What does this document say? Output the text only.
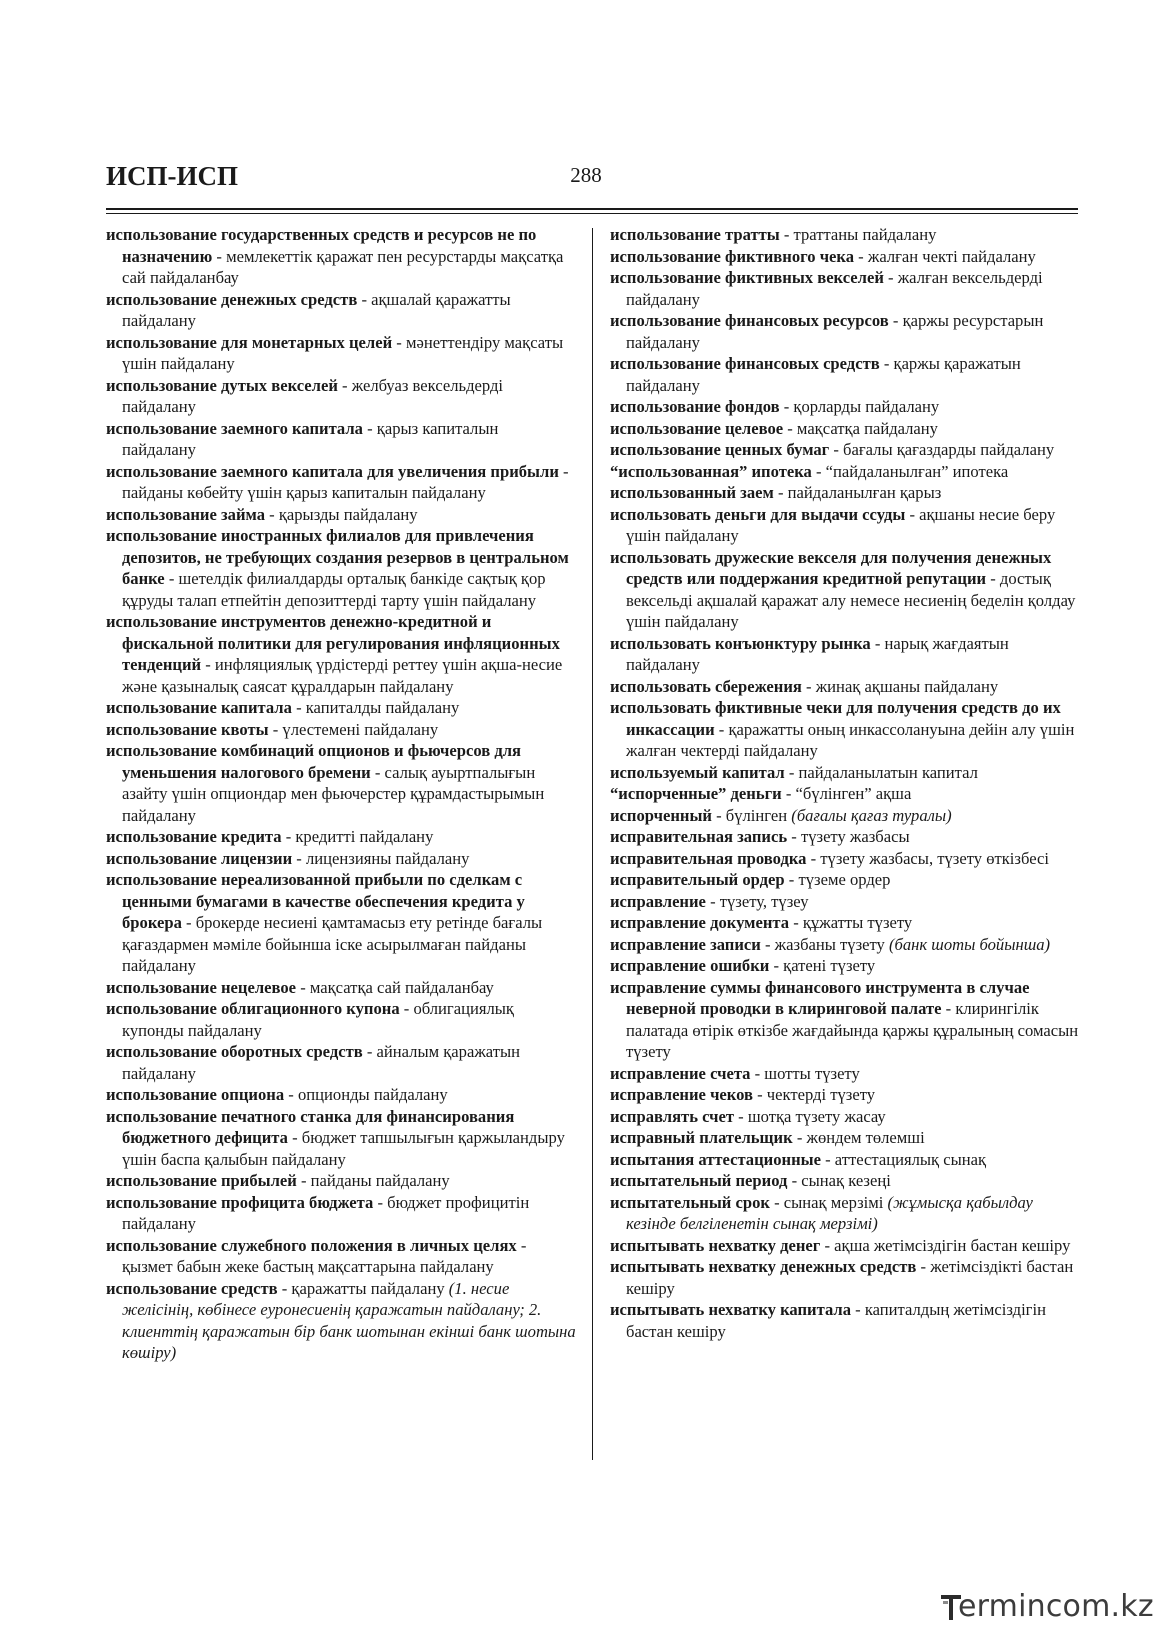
ИСП-ИСП	288

использование государственных средств и ресурсов не по назначению - мемлекеттік қаражат пен ресурстарды мақсатқа сай пайдаланбау

использование денежных средств - ақшалай қаражатты пайдалану

использование для монетарных целей - мәнеттендіру мақсаты үшін пайдалану

использование дутых векселей - желбуаз вексельдерді пайдалану

использование заемного капитала - қарыз капиталын пайдалану

использование заемного капитала для увеличения прибыли - пайданы көбейту үшін қарыз капиталын пайдалану

использование займа - қарызды пайдалану

использование иностранных филиалов для привлечения депозитов, не требующих создания резервов в центральном банке - шетелдік филиалдарды орталық банкіде сақтық қор құруды талап етпейтін депозиттерді тарту үшін пайдалану

использование инструментов денежно-кредитной и фискальной политики для регулирования инфляционных тенденций - инфляциялық үрдістерді реттеу үшін ақша-несие және қазыналық саясат құралдарын пайдалану

использование капитала - капиталды пайдалану

использование квоты - үлестемені пайдалану

использование комбинаций опционов и фьючерсов для уменьшения налогового бремени - салық ауыртпалығын азайту үшін опциондар мен фьючерстер құрамдастырымын пайдалану

использование кредита - кредитті пайдалану

использование лицензии - лицензияны пайдалану

использование нереализованной прибыли по сделкам с ценными бумагами в качестве обеспечения кредита у брокера - брокерде несиені қамтамасыз ету ретінде бағалы қағаздармен мәміле бойынша іске асырылмаған пайданы пайдалану

использование нецелевое - мақсатқа сай пайдаланбау

использование облигационного купона - облигациялық купонды пайдалану

использование оборотных средств - айналым қаражатын пайдалану

использование опциона - опционды пайдалану

использование печатного станка для финансирования бюджетного дефицита - бюджет тапшылығын қаржыландыру үшін баспа қалыбын пайдалану

использование прибылей - пайданы пайдалану

использование профицита бюджета - бюджет профицитін пайдалану

использование служебного положения в личных целях - қызмет бабын жеке бастың мақсаттарына пайдалану

использование средств - қаражатты пайдалану (1. несие желісінің, көбінесе еуронесиенің қаражатын пайдалану; 2. клиенттің қаражатын бір банк шотынан екінші банк шотына көшіру)

использование тратты - траттаны пайдалану

использование фиктивного чека - жалған чекті пайдалану

использование фиктивных векселей - жалған вексельдерді пайдалану

использование финансовых ресурсов - қаржы ресурстарын пайдалану

использование финансовых средств - қаржы қаражатын пайдалану

использование фондов - қорларды пайдалану

использование целевое - мақсатқа пайдалану

использование ценных бумаг - бағалы қағаздарды пайдалану

“использованная” ипотека - “пайдаланылған” ипотека

использованный заем - пайдаланылған қарыз

использовать деньги для выдачи ссуды - ақшаны несие беру үшін пайдалану

использовать дружеские векселя для получения денежных средств или поддержания кредитной репутации - достық вексельді ақшалай қаражат алу немесе несиенің беделін қолдау үшін пайдалану

использовать конъюнктуру рынка - нарық жағдаятын пайдалану

использовать сбережения - жинақ ақшаны пайдалану

использовать фиктивные чеки для получения средств до их инкассации - қаражатты оның инкассолануына дейін алу үшін жалған чектерді пайдалану

используемый капитал - пайдаланылатын капитал

“испорченные” деньги - “бүлінген” ақша

испорченный - бүлінген (бағалы қағаз туралы)

исправительная запись - түзету жазбасы

исправительная проводка - түзету жазбасы, түзету өткізбесі

исправительный ордер - түземе ордер

исправление - түзету, түзеу

исправление документа - құжатты түзету

исправление записи - жазбаны түзету (банк шоты бойынша)

исправление ошибки - қатені түзету

исправление суммы финансового инструмента в случае неверной проводки в клиринговой палате - клирингілік палатада өтірік өткізбе жағдайында қаржы құралының сомасын түзету

исправление счета - шотты түзету

исправление чеков - чектерді түзету

исправлять счет - шотқа түзету жасау

исправный плательщик - жөндем төлемші

испытания аттестационные - аттестациялық сынақ

испытательный период - сынақ кезеңі

испытательный срок - сынақ мерзімі (жұмысқа қабылдау кезінде белгіленетін сынақ мерзімі)

испытывать нехватку денег - ақша жетімсіздігін бастан кешіру

испытывать нехватку денежных средств - жетімсіздікті бастан кешіру

испытывать нехватку капитала - капиталдың жетімсіздігін бастан кешіру

ermincom.kz
